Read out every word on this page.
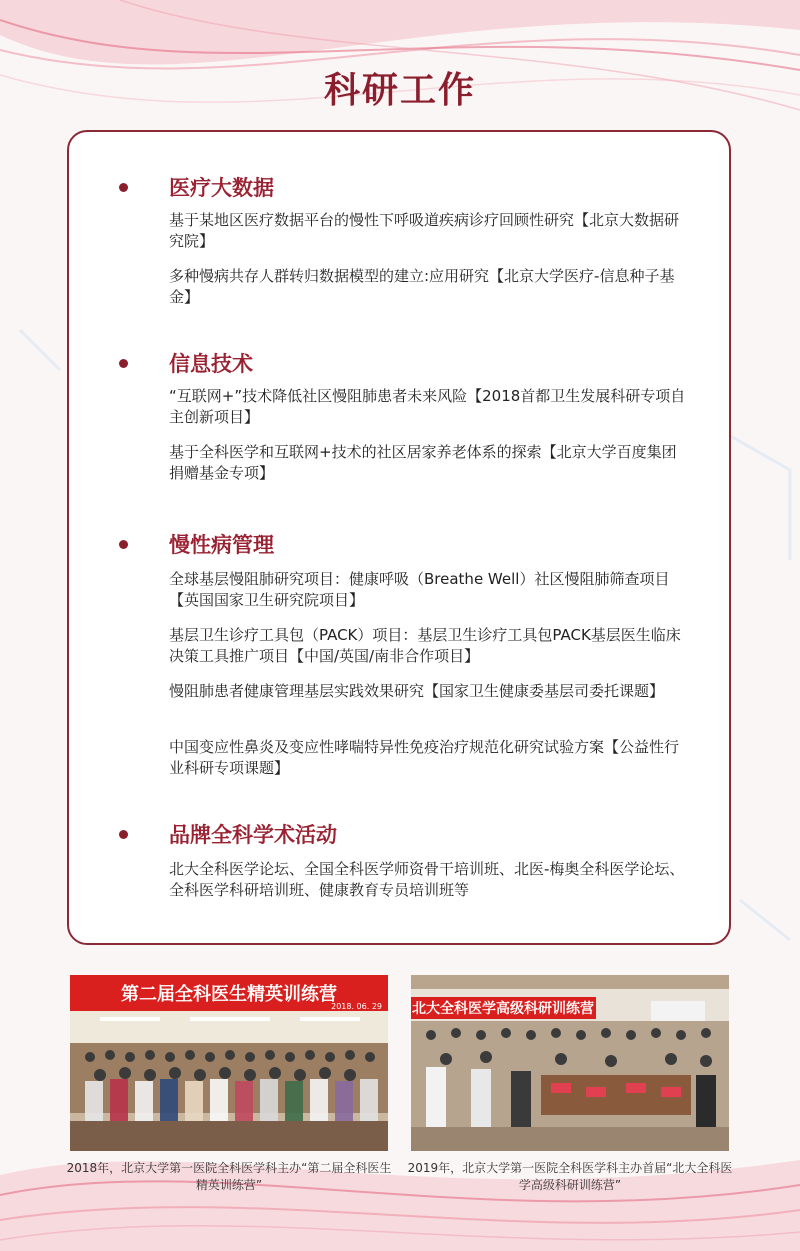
科研工作
医疗大数据
基于某地区医疗数据平台的慢性下呼吸道疾病诊疗回顾性研究【北京大数据研究院】
多种慢病共存人群转归数据模型的建立:应用研究【北京大学医疗-信息种子基金】
信息技术
“互联网+”技术降低社区慢阻肺患者未来风险【2018首都卫生发展科研专项自主创新项目】
基于全科医学和互联网+技术的社区居家养老体系的探索【北京大学百度集团捐赠基金专项】
慢性病管理
全球基层慢阻肺研究项目：健康呼吸（Breathe Well）社区慢阻肺筛查项目【英国国家卫生研究院项目】
基层卫生诊疗工具包（PACK）项目：基层卫生诊疗工具包PACK基层医生临床决策工具推广项目【中国/英国/南非合作项目】
慢阻肺患者健康管理基层实践效果研究【国家卫生健康委基层司委托课题】
中国变应性鼻炎及变应性哮喘特异性免疫治疗规范化研究试验方案【公益性行业科研专项课题】
品牌全科学术活动
北大全科医学论坛、全国全科医学师资骨干培训班、北医-梅奥全科医学论坛、全科医学科研培训班、健康教育专员培训班等
第二届全科医生精英训练营
2018. 06. 29
2018年，北京大学第一医院全科医学科主办“第二届全科医生精英训练营”
北大全科医学高级科研训练营
2019年，北京大学第一医院全科医学科主办首届“北大全科医学高级科研训练营”
